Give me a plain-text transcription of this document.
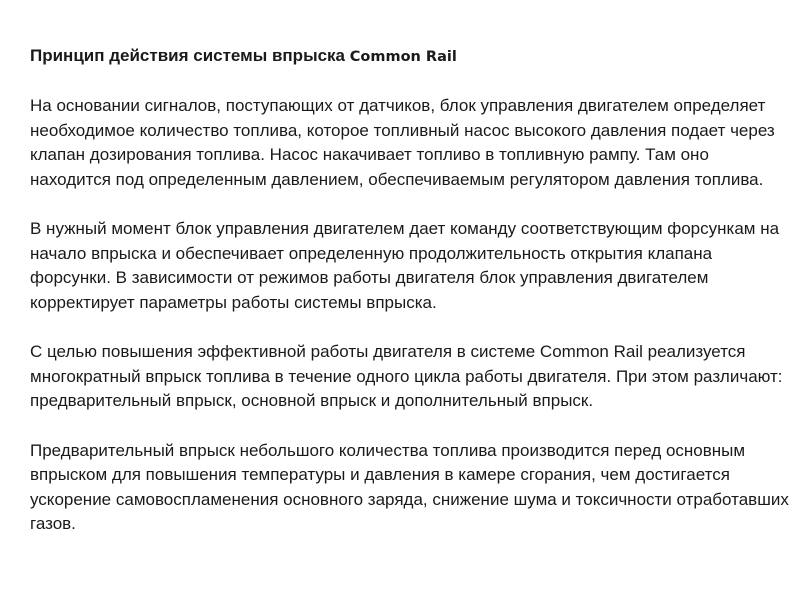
Принцип действия системы впрыска Common Rail
На основании сигналов, поступающих от датчиков, блок управления двигателем определяет необходимое количество топлива, которое топливный насос высокого давления подает через клапан дозирования топлива. Насос накачивает топливо в топливную рампу. Там оно находится под определенным давлением, обеспечиваемым регулятором давления топлива.
В нужный момент блок управления двигателем дает команду соответствующим форсункам на начало впрыска и обеспечивает определенную продолжительность открытия клапана форсунки. В зависимости от режимов работы двигателя блок управления двигателем корректирует параметры работы системы впрыска.
С целью повышения эффективной работы двигателя в системе Common Rail реализуется многократный впрыск топлива в течение одного цикла работы двигателя. При этом различают: предварительный впрыск, основной впрыск и дополнительный впрыск.
Предварительный впрыск небольшого количества топлива производится перед основным впрыском для повышения температуры и давления в камере сгорания, чем достигается ускорение самовоспламенения основного заряда, снижение шума и токсичности отработавших газов.
